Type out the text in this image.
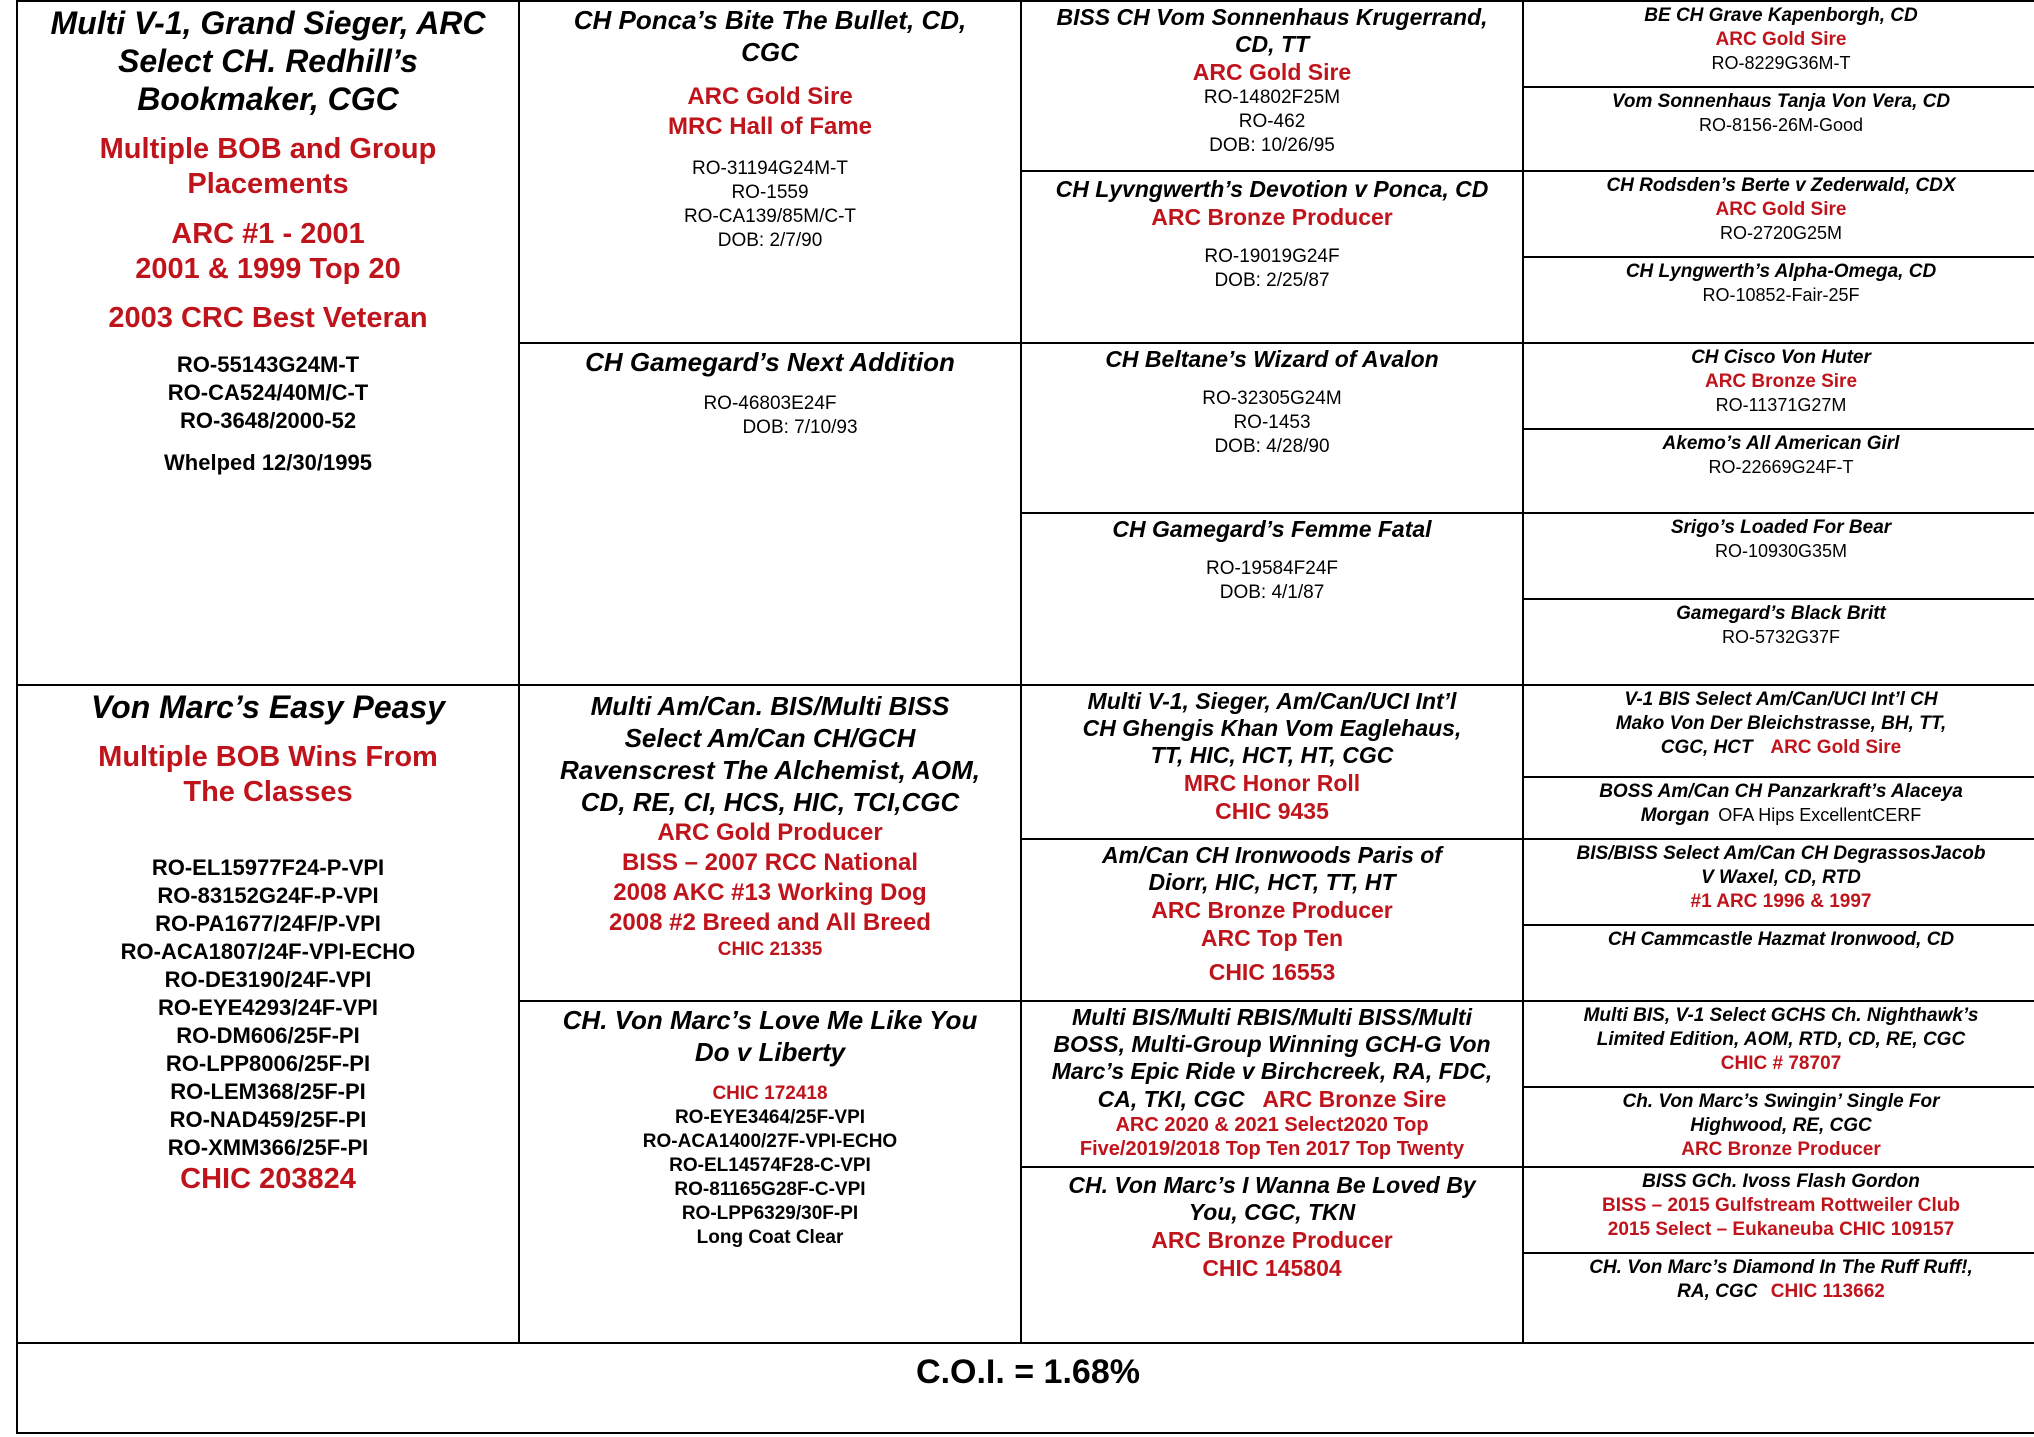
Multi V-1, Grand Sieger, ARC
Select CH. Redhill’s
Bookmaker, CGC
Multiple BOB and Group
Placements
ARC #1 - 2001
2001 & 1999 Top 20
2003 CRC Best Veteran
RO-55143G24M-T
RO-CA524/40M/C-T
RO-3648/2000-52
Whelped 12/30/1995
Von Marc’s Easy Peasy
Multiple BOB Wins From
The Classes
RO-EL15977F24-P-VPI
RO-83152G24F-P-VPI
RO-PA1677/24F/P-VPI
RO-ACA1807/24F-VPI-ECHO
RO-DE3190/24F-VPI
RO-EYE4293/24F-VPI
RO-DM606/25F-PI
RO-LPP8006/25F-PI
RO-LEM368/25F-PI
RO-NAD459/25F-PI
RO-XMM366/25F-PI
CHIC 203824
CH Ponca’s Bite The Bullet, CD,
CGC
ARC Gold Sire
MRC Hall of Fame
RO-31194G24M-T
RO-1559
RO-CA139/85M/C-T
DOB: 2/7/90
CH Gamegard’s Next Addition
RO-46803E24F
DOB: 7/10/93
Multi Am/Can. BIS/Multi BISS
Select Am/Can CH/GCH
Ravenscrest The Alchemist, AOM,
CD, RE, CI, HCS, HIC, TCI,CGC
ARC Gold Producer
BISS – 2007 RCC National
2008 AKC #13 Working Dog
2008 #2 Breed and All Breed
CHIC 21335
CH. Von Marc’s Love Me Like You
Do v Liberty
CHIC 172418
RO-EYE3464/25F-VPI
RO-ACA1400/27F-VPI-ECHO
RO-EL14574F28-C-VPI
RO-81165G28F-C-VPI
RO-LPP6329/30F-PI
Long Coat Clear
BISS CH Vom Sonnenhaus Krugerrand,
CD, TT
ARC Gold Sire
RO-14802F25M
RO-462
DOB: 10/26/95
CH Lyvngwerth’s Devotion v Ponca, CD
ARC Bronze Producer
RO-19019G24F
DOB: 2/25/87
CH Beltane’s Wizard of Avalon
RO-32305G24M
RO-1453
DOB: 4/28/90
CH Gamegard’s Femme Fatal
RO-19584F24F
DOB: 4/1/87
Multi V-1, Sieger, Am/Can/UCI Int’l
CH Ghengis Khan Vom Eaglehaus,
TT, HIC, HCT, HT, CGC
MRC Honor Roll
CHIC 9435
Am/Can CH Ironwoods Paris of
Diorr, HIC, HCT, TT, HT
ARC Bronze Producer
ARC Top Ten
CHIC 16553
Multi BIS/Multi RBIS/Multi BISS/Multi
BOSS, Multi-Group Winning GCH-G Von
Marc’s Epic Ride v Birchcreek, RA, FDC,
CA, TKI, CGC ARC Bronze Sire
ARC 2020 & 2021 Select2020 Top
Five/2019/2018 Top Ten 2017 Top Twenty
CH. Von Marc’s I Wanna Be Loved By
You, CGC, TKN
ARC Bronze Producer
CHIC 145804
BE CH Grave Kapenborgh, CD
ARC Gold Sire
RO-8229G36M-T
Vom Sonnenhaus Tanja Von Vera, CD
RO-8156-26M-Good
CH Rodsden’s Berte v Zederwald, CDX
ARC Gold Sire
RO-2720G25M
CH Lyngwerth’s Alpha-Omega, CD
RO-10852-Fair-25F
CH Cisco Von Huter
ARC Bronze Sire
RO-11371G27M
Akemo’s All American Girl
RO-22669G24F-T
Srigo’s Loaded For Bear
RO-10930G35M
Gamegard’s Black Britt
RO-5732G37F
V-1 BIS Select Am/Can/UCI Int’l CH
Mako Von Der Bleichstrasse, BH, TT,
CGC, HCT ARC Gold Sire
BOSS Am/Can CH Panzarkraft’s Alaceya
Morgan OFA Hips ExcellentCERF
BIS/BISS Select Am/Can CH DegrassosJacob
V Waxel, CD, RTD
#1 ARC 1996 & 1997
CH Cammcastle Hazmat Ironwood, CD
Multi BIS, V-1 Select GCHS Ch. Nighthawk’s
Limited Edition, AOM, RTD, CD, RE, CGC
CHIC # 78707
Ch. Von Marc’s Swingin’ Single For
Highwood, RE, CGC
ARC Bronze Producer
BISS GCh. Ivoss Flash Gordon
BISS – 2015 Gulfstream Rottweiler Club
2015 Select – Eukaneuba CHIC 109157
CH. Von Marc’s Diamond In The Ruff Ruff!,
RA, CGC CHIC 113662
C.O.I. = 1.68%
